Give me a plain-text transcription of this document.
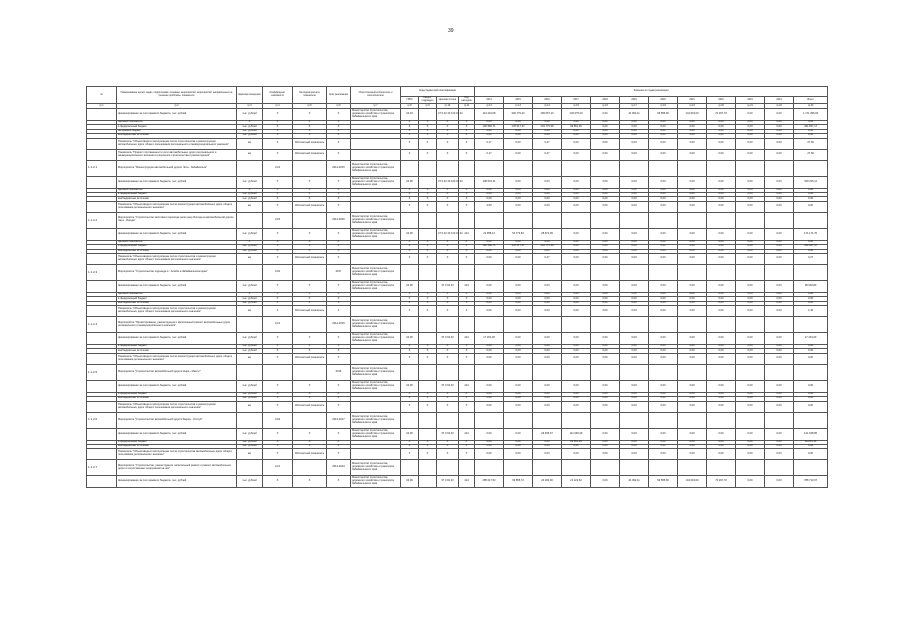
39
№	Наименование целей, задач, подпрограмм, основных мероприятий, мероприятий, направленных на решение проблемы, показатели	Единица измерения	Коэффициент значимости	Методика расчёта показателя	Срок реализации	Ответственный исполнитель и соисполнители	Коды бюджетной классификации				Значения по годам реализации											
							ГРБС	Раздел, подраздел	Целевая статья	Вид расходов	2014	2015	2016	2017	2018	2019	2020	2021	2022	2023	2024	Всего
гр.1	гр.2	гр.3	гр.4	гр.5	гр.6	гр.7	гр.8	гр.9	гр.10	гр.11	гр.12	гр.13	гр.14	гр.15	гр.16	гр.17	гр.18	гр.19	гр.20	гр.21	гр.22	гр.23
	финансирование за счет краевого бюджета, тыс. рублей	тыс. рублей	Х	Х	Х	Министерство строительства, дорожного хозяйства и транспорта Забайкальского края	04 04		37 0 02 43 120 01 43		113 419,68	346 775,20	183 067,10	133 075,20	0,00	44 092,11	99 585,00	144 643,00	70 297,70	0,00	0,00	1 171 095,00
	Целевой показатель	Х	Х	Х	Х		Х	Х	Х	Х	0,00	0,00	0,00	0,00	0,00	0,00	0,00	0,00	0,00	0,00	0,00	0,00
	в федеральный бюджет	тыс. рублей	Х	Х	Х		Х	Х	Х	Х	100 580,71	178 517,37	134 775,38	99 851,36	0,00	0,00	0,00	0,00	0,00	0,00	0,00	491 847,17
	на краевой бюджет	тыс. рублей	Х	Х	Х		Х	Х	Х	Х	0,00	0,00	0,00	0,00	0,00	0,00	0,00	0,00	0,00	0,00	0,00	0,00
	внебюджетные источники	тыс. рублей	Х	Х	Х		Х	Х	Х	Х	0,00	0,00	0,00	0,00	0,00	0,00	0,00	0,00	0,00	0,00	0,00	0,00
	Показатель "Объем ввода в эксплуатацию после строительства и реконструкции автомобильных дорог общего пользования регионального и межмуниципального значения"	км	Х	Абсолютный показатель	Х		Х	Х	Х	Х	0,17	0,00	0,27	0,00	0,00	0,00	0,00	0,00	0,00	0,00	0,00	27,60
	Показатель "Прирост протяженности сети автомобильных дорог регионального и межмуниципального значения в результате строительства и реконструкции"	км	Х	Абсолютный показатель	Х		Х	Х	Х	Х	0,17	0,00	0,27	0,00	0,00	0,00	0,00	0,00	0,00	0,00	0,00	27,60
1.1.2.1	Мероприятие "Реконструкция автомобильной дороги Чита - Забайкальск"		0,22		2014-2015	Министерство строительства, дорожного хозяйства и транспорта Забайкальского края																
	финансирование за счет краевого бюджета, тыс. рублей	тыс. рублей	Х	Х	Х	Министерство строительства, дорожного хозяйства и транспорта Забайкальского края	04 09		37 0 02 43 120 01 43		108 015,11	0,00	0,00	0,00	0,00	0,00	0,00	0,00	0,00	0,00	0,00	108 015,11
	Целевой показатель	Х	Х	Х	Х		Х	Х	Х	Х	0,00	0,00	0,00	0,00	0,00	0,00	0,00	0,00	0,00	0,00	0,00	0,00
	в федеральный бюджет	тыс. рублей	Х	Х	Х		Х	Х	Х	Х	0,00	0,00	0,00	0,00	0,00	0,00	0,00	0,00	0,00	0,00	0,00	0,00
	внебюджетные источники	тыс. рублей	Х	Х	Х		Х	Х	Х	Х	0,00	0,00	0,00	0,00	0,00	0,00	0,00	0,00	0,00	0,00	0,00	0,00
	Показатель "Объем ввода в эксплуатацию после реконструкции автомобильных дорог общего пользования регионального значения"	км	Х	Абсолютный показатель	Х		Х	Х	Х	Х	4,50	0,00	0,00	0,00	0,00	0,00	0,00	0,00	0,00	0,00	0,00	0,00
1.1.2.2	Мероприятие "Строительство мостового перехода через реку Ингода на автомобильной дороге Чита - Ингода"		0,26		2014-2016	Министерство строительства, дорожного хозяйства и транспорта Забайкальского края																
	финансирование за счет краевого бюджета, тыс. рублей	тыс. рублей	Х	Х	Х	Министерство строительства, дорожного хозяйства и транспорта Забайкальского края	04 09		37 0 02 43 120 01 43	414	22 958,14	54 773,84	28 972,09	0,00	0,00	0,00	0,00	0,00	0,00	0,00	0,00	171 171,70
	Целевой показатель	Х	Х	Х	Х		Х	Х	Х	Х	0,00	0,00	0,00	0,00	0,00	0,00	0,00	0,00	0,00	0,00	0,00	0,00
	в федеральный бюджет	тыс. рублей	Х	Х	Х		Х	Х	Х	Х	100 580,71	178 517,37	134 775,38	0,00	0,00	0,00	0,00	0,00	0,00	0,00	0,00	396 947,97
	внебюджетные источники	тыс. рублей	Х	Х	Х		Х	Х	Х	Х	0,00	0,00	0,00	0,00	0,00	0,00	0,00	0,00	0,00	0,00	0,00	0,00
	Показатель "Объем ввода в эксплуатацию после строительства и реконструкции автомобильных дорог общего пользования регионального значения"	км	Х	Абсолютный показатель	Х		Х	Х	Х	Х	0,00	0,00	0,27	0,00	0,00	0,00	0,00	0,00	0,00	0,00	0,00	0,27
1.1.2.3	Мероприятие "Строительство подъезда к г. Алейск в Забайкальском крае"		0,02		2017	Министерство строительства, дорожного хозяйства и транспорта Забайкальского края																
	финансирование за счет краевого бюджета, тыс. рублей	тыс. рублей	Х	Х	Х	Министерство строительства, дорожного хозяйства и транспорта Забайкальского края	04 09		37 0 02 43	414	0,00	0,00	0,00	0,00	0,00	0,00	0,00	0,00	0,00	0,00	0,00	28 902,80
	Целевой показатель	Х	Х	Х	Х		Х	Х	Х	Х	0,00	0,00	0,00	0,00	0,00	0,00	0,00	0,00	0,00	0,00	0,00	0,00
	в федеральный бюджет	тыс. рублей	Х	Х	Х		Х	Х	Х	Х	0,00	0,00	0,00	0,00	0,00	0,00	0,00	0,00	0,00	0,00	0,00	0,00
	внебюджетные источники	тыс. рублей	Х	Х	Х		Х	Х	Х	Х	0,00	0,00	0,00	0,00	0,00	0,00	0,00	0,00	0,00	0,00	0,00	0,00
	Показатель "Объем ввода в эксплуатацию после строительства и реконструкции автомобильных дорог общего пользования регионального значения"	км	Х	Абсолютный показатель	Х		Х	Х	Х	Х	0,00	0,00	0,00	0,00	0,00	0,00	0,00	0,00	0,00	0,00	0,00	1,45
1.1.2.4	Мероприятие "Проектирование, реконструкция и капитальный ремонт автомобильных дорог регионального и межмуниципального значения"		0,21		2014-2015	Министерство строительства, дорожного хозяйства и транспорта Забайкальского края																
	финансирование за счет краевого бюджета, тыс. рублей	тыс. рублей	Х	Х	Х	Министерство строительства, дорожного хозяйства и транспорта Забайкальского края	04 09		37 0 02 43	414	17 291,00	0,00	0,00	0,00	0,00	0,00	0,00	0,00	0,00	0,00	0,00	17 291,00
	в федеральный бюджет	тыс. рублей	Х	Х	Х		Х	Х	Х	Х	0,00	0,00	0,00	0,00	0,00	0,00	0,00	0,00	0,00	0,00	0,00	0,00
	внебюджетные источники	тыс. рублей	Х	Х	Х		Х	Х	Х	Х	0,00	0,00	0,00	0,00	0,00	0,00	0,00	0,00	0,00	0,00	0,00	0,00
	Показатель "Объем ввода в эксплуатацию после реконструкции автомобильных дорог общего пользования регионального значения"	км	Х	Абсолютный показатель	Х		Х	Х	Х	Х	0,00	0,00	0,00	0,00	0,00	0,00	0,00	0,00	0,00	0,00	0,00	0,00
1.1.2.5	Мероприятие "Строительство автомобильной дороги Кыра - Мангут"				2016	Министерство строительства, дорожного хозяйства и транспорта Забайкальского края																
	финансирование за счет краевого бюджета, тыс. рублей	тыс. рублей	Х	Х	Х	Министерство строительства, дорожного хозяйства и транспорта Забайкальского края	04 09		37 0 02 43	414	0,00	0,00	0,00	0,00	0,00	0,00	0,00	0,00	0,00	0,00	0,00	0,00
	в федеральный бюджет	тыс. рублей	Х	Х	Х		Х	Х	Х	Х	0,00	0,00	0,00	0,00	0,00	0,00	0,00	0,00	0,00	0,00	0,00	0,00
	внебюджетные источники	тыс. рублей	Х	Х	Х		Х	Х	Х	Х	0,00	0,00	0,00	0,00	0,00	0,00	0,00	0,00	0,00	0,00	0,00	0,00
	Показатель "Объем ввода в эксплуатацию после строительства и реконструкции автомобильных дорог общего пользования регионального значения"	км	Х	Абсолютный показатель	Х		Х	Х	Х	Х	0,00	0,00	0,00	0,00	0,00	0,00	0,00	0,00	0,00	0,00	0,00	0,00
1.1.2.6	Мероприятие "Строительство автомобильной дороги Бырка - Улятуй"		0,04		2014-2017	Министерство строительства, дорожного хозяйства и транспорта Забайкальского края																
	финансирование за счет краевого бюджета, тыс. рублей	тыс. рублей	Х	Х	Х	Министерство строительства, дорожного хозяйства и транспорта Забайкальского края	04 09		37 0 02 43	414	0,00	0,00	29 635,37	111 993,49	0,00	0,00	0,00	0,00	0,00	0,00	0,00	141 628,86
	в федеральный бюджет	тыс. рублей	Х	Х	Х		Х	Х	Х	Х	0,00	0,00	0,00	99 851,36	0,00	0,00	0,00	0,00	0,00	0,00	0,00	99 851,36
	внебюджетные источники	тыс. рублей	Х	Х	Х		Х	Х	Х	Х	0,00	0,00	0,00	0,00	0,00	0,00	0,00	0,00	0,00	0,00	0,00	0,00
	Показатель "Объем ввода в эксплуатацию после строительства автомобильных дорог общего пользования регионального значения"	км	Х	Абсолютный показатель	Х		Х	Х	Х	Х	0,00	0,00	0,00	0,00	0,00	0,00	0,00	0,00	0,00	0,00	0,00	0,00
1.1.2.7	Мероприятие "Строительство, реконструкция, капитальный ремонт и ремонт автомобильных дорог и искусственных сооружений на них"		0,21		2014-2024	Министерство строительства, дорожного хозяйства и транспорта Забайкальского края																
	финансирование за счет краевого бюджета, тыс. рублей	тыс. рублей	Х	Х	Х	Министерство строительства, дорожного хозяйства и транспорта Забайкальского края	04 09		37 0 02 43	414	285 017,52	99 855,72	24 000,00	21 222,62	0,00	44 092,11	99 585,00	144 643,00	70 297,70	0,00	0,00	788 713,67
